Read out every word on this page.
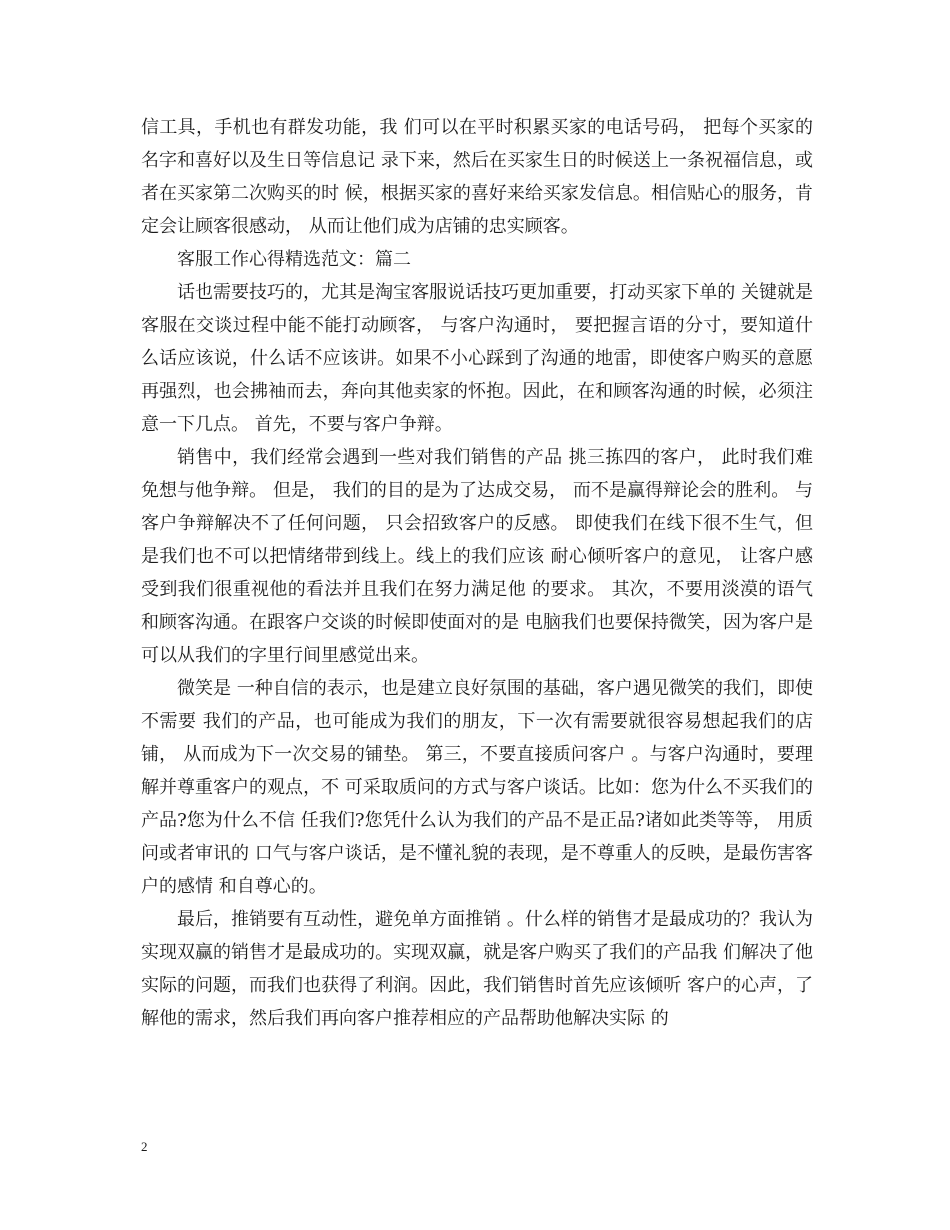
信工具，手机也有群发功能，我 们可以在平时积累买家的电话号码， 把每个买家的名字和喜好以及生日等信息记 录下来，然后在买家生日的时候送上一条祝福信息，或者在买家第二次购买的时 候，根据买家的喜好来给买家发信息。相信贴心的服务，肯定会让顾客很感动， 从而让他们成为店铺的忠实顾客。

客服工作心得精选范文：篇二

话也需要技巧的，尤其是淘宝客服说话技巧更加重要，打动买家下单的 关键就是客服在交谈过程中能不能打动顾客， 与客户沟通时， 要把握言语的分寸，要知道什么话应该说，什么话不应该讲。如果不小心踩到了沟通的地雷，即使客户购买的意愿再强烈，也会拂袖而去，奔向其他卖家的怀抱。因此，在和顾客沟通的时候，必须注意一下几点。 首先，不要与客户争辩。

销售中，我们经常会遇到一些对我们销售的产品 挑三拣四的客户， 此时我们难免想与他争辩。 但是， 我们的目的是为了达成交易， 而不是赢得辩论会的胜利。 与客户争辩解决不了任何问题， 只会招致客户的反感。 即使我们在线下很不生气，但是我们也不可以把情绪带到线上。线上的我们应该 耐心倾听客户的意见， 让客户感受到我们很重视他的看法并且我们在努力满足他 的要求。 其次，不要用淡漠的语气和顾客沟通。在跟客户交谈的时候即使面对的是 电脑我们也要保持微笑，因为客户是可以从我们的字里行间里感觉出来。

微笑是 一种自信的表示，也是建立良好氛围的基础，客户遇见微笑的我们，即使不需要 我们的产品，也可能成为我们的朋友，下一次有需要就很容易想起我们的店铺， 从而成为下一次交易的铺垫。 第三，不要直接质问客户 。与客户沟通时，要理解并尊重客户的观点，不 可采取质问的方式与客户谈话。比如：您为什么不买我们的产品?您为什么不信 任我们?您凭什么认为我们的产品不是正品?诸如此类等等， 用质问或者审讯的 口气与客户谈话，是不懂礼貌的表现，是不尊重人的反映，是最伤害客户的感情 和自尊心的。

最后，推销要有互动性，避免单方面推销 。什么样的销售才是最成功的？我认为实现双赢的销售才是最成功的。实现双赢，就是客户购买了我们的产品我 们解决了他实际的问题，而我们也获得了利润。因此，我们销售时首先应该倾听 客户的心声，了解他的需求，然后我们再向客户推荐相应的产品帮助他解决实际 的

2
